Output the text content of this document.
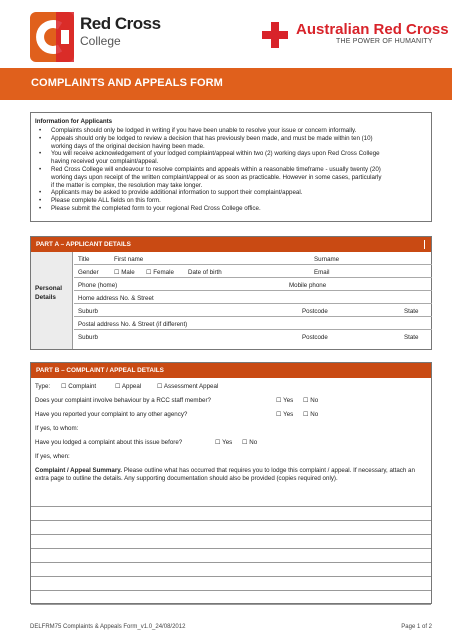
Red Cross
College
Australian Red Cross
THE POWER OF HUMANITY
COMPLAINTS AND APPEALS FORM
Information for Applicants
• Complaints should only be lodged in writing if you have been unable to resolve your issue or concern informally.
• Appeals should only be lodged to review a decision that has previously been made, and must be made within ten (10)
working days of the original decision having been made.
• You will receive acknowledgement of your lodged complaint/appeal within two (2) working days upon Red Cross College
having received your complaint/appeal.
• Red Cross College will endeavour to resolve complaints and appeals within a reasonable timeframe - usually twenty (20)
working days upon receipt of the written complaint/appeal or as soon as practicable. However in some cases, particularly
if the matter is complex, the resolution may take longer.
• Applicants may be asked to provide additional information to support their complaint/appeal.
• Please complete ALL fields on this form.
• Please submit the completed form to your regional Red Cross College office.
PART A – APPLICANT DETAILS
Personal
Details
Title	First name	Surname
Gender ☐ Male ☐ Female Date of birth	Email
Phone (home)	Mobile phone
Home address No. & Street
Suburb	Postcode	State
Postal address No. & Street (if different)
Suburb	Postcode	State
PART B – COMPLAINT / APPEAL DETAILS
Type: ☐ Complaint	☐ Appeal	☐ Assessment Appeal
Does your complaint involve behaviour by a RCC staff member?	☐ Yes ☐ No
Have you reported your complaint to any other agency?	☐ Yes ☐ No
If yes, to whom:
Have you lodged a complaint about this issue before?	☐ Yes ☐ No
If yes, when:
Complaint / Appeal Summary. Please outline what has occurred that requires you to lodge this complaint / appeal. If necessary, attach an extra page to outline the details. Any supporting documentation should also be provided (copies required only).
DELFRM75 Complaints & Appeals Form_v1.0_24/08/2012	Page 1 of 2
